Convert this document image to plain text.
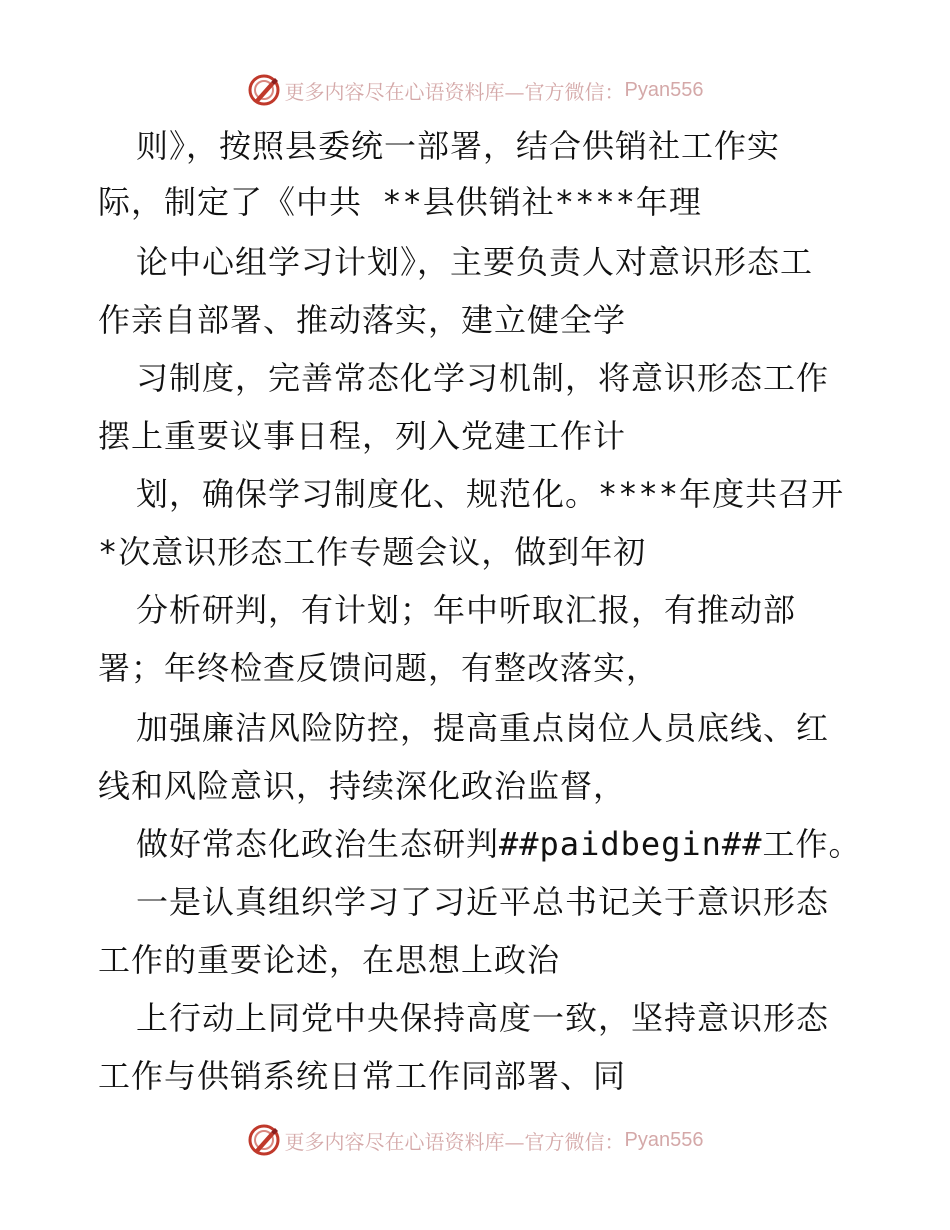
更多内容尽在心语资料库—官方微信： Pyan556
则》，按照县委统一部署，结合供销社工作实
际，制定了《中共 **县供销社****年理
论中心组学习计划》，主要负责人对意识形态工
作亲自部署、推动落实，建立健全学
习制度，完善常态化学习机制，将意识形态工作
摆上重要议事日程，列入党建工作计
划，确保学习制度化、规范化。****年度共召开
*次意识形态工作专题会议，做到年初
分析研判，有计划；年中听取汇报，有推动部
署；年终检查反馈问题，有整改落实，
加强廉洁风险防控，提高重点岗位人员底线、红
线和风险意识，持续深化政治监督，
做好常态化政治生态研判##paidbegin##工作。
一是认真组织学习了习近平总书记关于意识形态
工作的重要论述，在思想上政治
上行动上同党中央保持高度一致，坚持意识形态
工作与供销系统日常工作同部署、同
更多内容尽在心语资料库—官方微信： Pyan556
